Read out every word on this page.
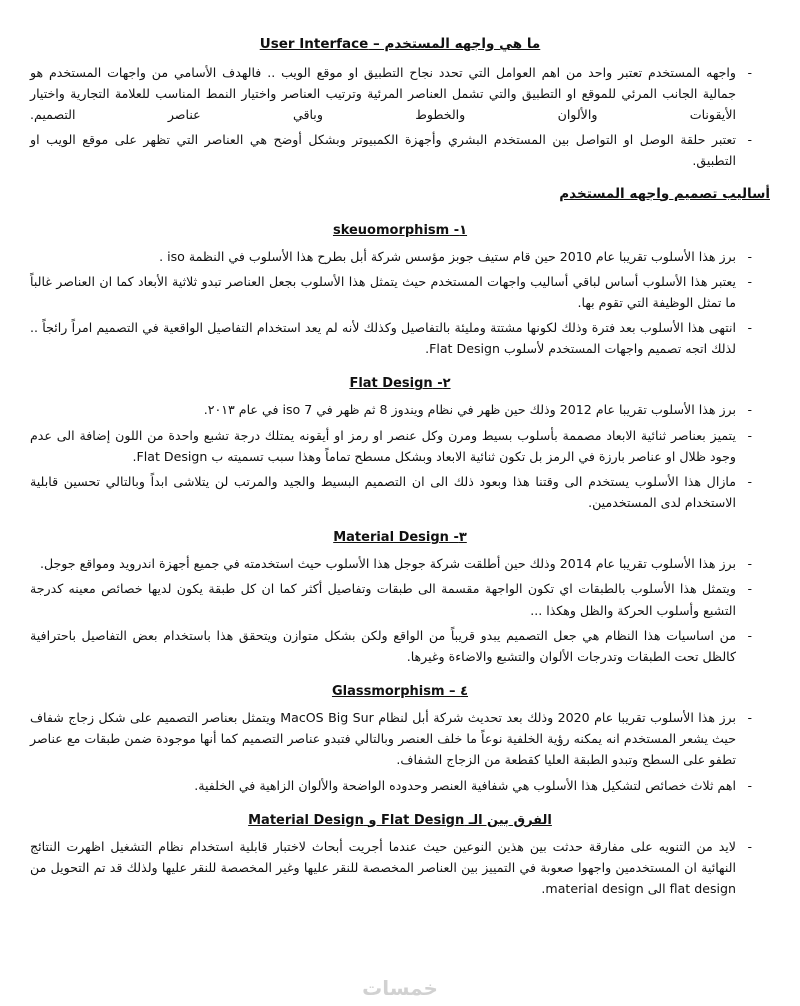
ما هي واجهه المستخدم – User Interface
- واجهه المستخدم تعتبر واحد من اهم العوامل التي تحدد نجاح التطبيق او موقع الويب .. فالهدف الأسامي من واجهات المستخدم هو جمالية الجانب المرئي للموقع او التطبيق والتي تشمل العناصر المرئية وترتيب العناصر واختيار النمط المناسب للعلامة التجارية واختيار الأيقونات والألوان والخطوط وباقي عناصر التصميم.
- تعتبر حلقة الوصل او التواصل بين المستخدم البشري وأجهزة الكمبيوتر وبشكل أوضح هي العناصر التي تظهر على موقع الويب او التطبيق.
أساليب تصميم واجهه المستخدم
١- skeuomorphism
- برز هذا الأسلوب تقريبا عام 2010 حين قام ستيف جوبز مؤسس شركة أبل بطرح هذا الأسلوب في النظمة iso .
- يعتبر هذا الأسلوب أساس لباقي أساليب واجهات المستخدم حيث يتمثل هذا الأسلوب بجعل العناصر تبدو ثلاثية الأبعاد كما ان العناصر غالباً ما تمثل الوظيفة التي تقوم بها.
- انتهى هذا الأسلوب بعد فترة وذلك لكونها مشتتة ومليئة بالتفاصيل وكذلك لأنه لم يعد استخدام التفاصيل الواقعية في التصميم امراً رائجاً .. لذلك اتجه تصميم واجهات المستخدم لأسلوب Flat Design.
٢- Flat Design
- برز هذا الأسلوب تقريبا عام 2012 وذلك حين ظهر في نظام ويندوز 8 ثم ظهر في iso 7 في عام ٢٠١٣.
- يتميز بعناصر ثنائية الابعاد مصممة بأسلوب بسيط ومرن وكل عنصر او رمز او أيقونه يمتلك درجة تشبع واحدة من اللون إضافة الى عدم وجود ظلال او عناصر بارزة في الرمز بل تكون ثنائية الابعاد وبشكل مسطح تماماً وهذا سبب تسميته ب Flat Design.
- مازال هذا الأسلوب يستخدم الى وقتنا هذا وبعود ذلك الى ان التصميم البسيط والجيد والمرتب لن يتلاشى ابداً وبالتالي تحسين قابلية الاستخدام لدى المستخدمين.
٣- Material Design
- برز هذا الأسلوب تقريبا عام 2014 وذلك حين أطلقت شركة جوجل هذا الأسلوب حيث استخدمته في جميع أجهزة اندرويد ومواقع جوجل.
- ويتمثل هذا الأسلوب بالطبقات اي تكون الواجهة مقسمة الى طبقات وتفاصيل أكثر كما ان كل طبقة يكون لديها خصائص معينه كدرجة التشبع وأسلوب الحركة والظل وهكذا ...
- من اساسيات هذا النظام هي جعل التصميم يبدو قريباً من الواقع ولكن بشكل متوازن ويتحقق هذا باستخدام بعض التفاصيل باحترافية كالظل تحت الطبقات وتدرجات الألوان والتشبع والاضاءة وغيرها.
٤ – Glassmorphism
- برز هذا الأسلوب تقريبا عام 2020 وذلك بعد تحديث شركة أبل لنظام MacOS Big Sur ويتمثل بعناصر التصميم على شكل زجاج شفاف حيث يشعر المستخدم انه يمكنه رؤية الخلفية نوعاً ما خلف العنصر وبالتالي فتبدو عناصر التصميم كما أنها موجودة ضمن طبقات مع عناصر تطفو على السطح وتبدو الطبقة العليا كقطعة من الزجاج الشفاف.
- اهم ثلاث خصائص لتشكيل هذا الأسلوب هي شفافية العنصر وحدوده الواضحة والألوان الزاهية في الخلفية.
الفرق بين الـ Flat Design و Material Design
- لايد من التنويه على مفارقة حدثت بين هذين النوعين حيث عندما أجريت أبحاث لاختبار قابلية استخدام نظام التشغيل اظهرت النتائج النهائية ان المستخدمين واجهوا صعوبة في التمييز بين العناصر المخصصة للنقر عليها وغير المخصصة للنقر عليها ولذلك قد تم التحويل من flat design الى material design.
خمسات
